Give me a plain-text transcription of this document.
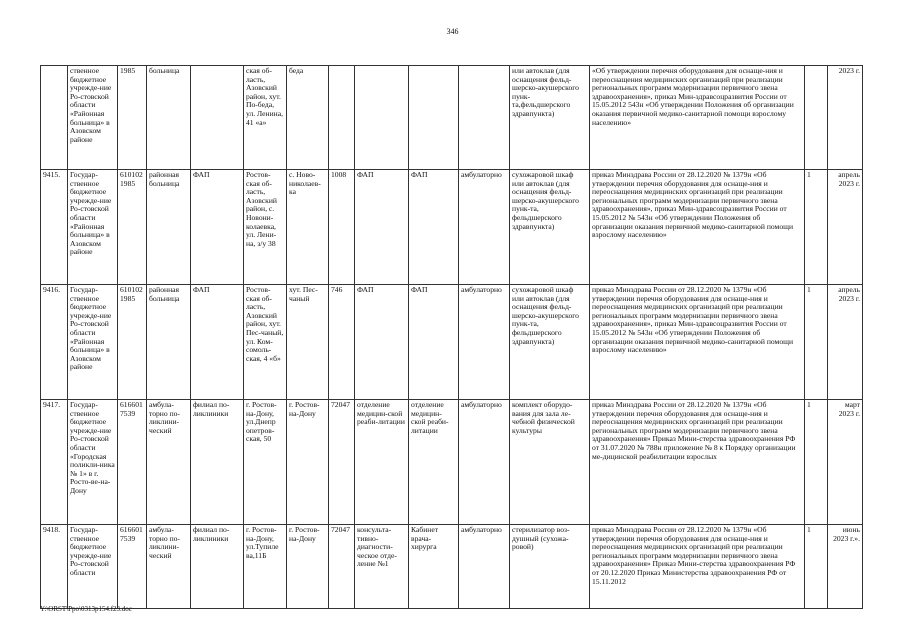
346
	ственное бюджетное учрежде-ние Ро-стовской области «Районная больница» в Азовском районе	1985	больница		ская об-ласть, Азовский район, хут. По-беда, ул. Ленина, 41 «а»	беда					или автоклав (для оснащения фельд-шерско-акушерского пунк-та,фельдшерского здравпункта)	«Об утверждении перечня оборудования для оснаще-ния и переоснащения медицинских организаций при реализации региональных программ модернизации первичного звена здравоохранения», приказ Мин-здравсоцразвития России от 15.05.2012 543н «Об утверждении Положения об организации оказания первичной медико-санитарной помощи взрослому населению»		2023 г.
9415.	Государ-ственное бюджетное учрежде-ние Ро-стовской области «Районная больница» в Азовском районе	610102 1985	районная больница	ФАП	Ростов-ская об-ласть, Азовский район, с. Новони-колаевка, ул. Лени-на, з/у 38	с. Ново-николаев-ка	1008	ФАП	ФАП	амбулаторно	сухожаровой шкаф или автоклав (для оснащения фельд-шерско-акушерского пунк-та, фельдшерского здравпункта)	приказ Минздрава России от 28.12.2020 № 1379н «Об утверждении перечня оборудования для оснаще-ния и переоснащения медицинских организаций при реализации региональных программ модернизации первичного звена здравоохранения», приказ Мин-здравсоцразвития России от 15.05.2012 № 543н «Об утверждении Положения об организации оказания первичной медико-санитарной помощи взрослому населению»	1	апрель 2023 г.
9416.	Государ-ственное бюджетное учрежде-ние Ро-стовской области «Районная больница» в Азовском районе	610102 1985	районная больница	ФАП	Ростов-ская об-ласть, Азовский район, хут. Пес-чаный, ул. Ком-сомоль-ская, 4 «б»	хут. Пес-чаный	746	ФАП	ФАП	амбулаторно	сухожаровой шкаф или автоклав (для оснащения фельд-шерско-акушерского пунк-та, фельдшерского здравпункта)	приказ Минздрава России от 28.12.2020 № 1379н «Об утверждении перечня оборудования для оснаще-ния и переоснащения медицинских организаций при реализации региональных программ модернизации первичного звена здравоохранения», приказ Мин-здравсоцразвития России от 15.05.2012 № 543н «Об утверждении Положения об организации оказания первичной медико-санитарной помощи взрослому населению»	1	апрель 2023 г.
9417.	Государ-ственное бюджетное учрежде-ние Ро-стовской области «Городская поликли-ника № 1» в г. Росто-ве-на-Дону	616601 7539	амбула-торно по-ликлини-ческий	филиал по-ликлиники	г. Ростов-на-Дону, ул.Днепр опетров-ская, 50	г. Ростов-на-Дону	72047	отделение медицин-ской реаби-литации	отделение медицин-ской реаби-литации	амбулаторно	комплект оборудо-вания для зала ле-чебной физической культуры	приказ Минздрава России от 28.12.2020 № 1379н «Об утверждении перечня оборудования для оснаще-ния и переоснащения медицинских организаций при реализации региональных программ модернизации первичного звена здравоохранения» Приказ Мини-стерства здравоохранения РФ от 31.07.2020 № 788н приложение № 8 к Порядку организации ме-дицинской реабилитации взрослых	1	март 2023 г.
9418.	Государ-ственное бюджетное учрежде-ние Ро-стовской области	616601 7539	амбула-торно по-ликлини-ческий	филиал по-ликлиники	г. Ростов-на-Дону, ул.Тупиле ва,11Б	г. Ростов-на-Дону	72047	консульта-тивно-диагности-ческое отде-ление №1	Кабинет врача-хирурга	амбулаторно	стерилизатор воз-душный (сухожа-ровой)	приказ Минздрава России от 28.12.2020 № 1379н «Об утверждении перечня оборудования для оснаще-ния и переоснащения медицинских организаций при реализации региональных программ модернизации первичного звена здравоохранения» Приказ Мини-стерства здравоохранения РФ от 20.12.2020 Приказ Министерства здравоохранения РФ от 15.11.2012	1	июнь 2023 г.».
Y:\ORST\Ppo\0313p154.f23.doc
